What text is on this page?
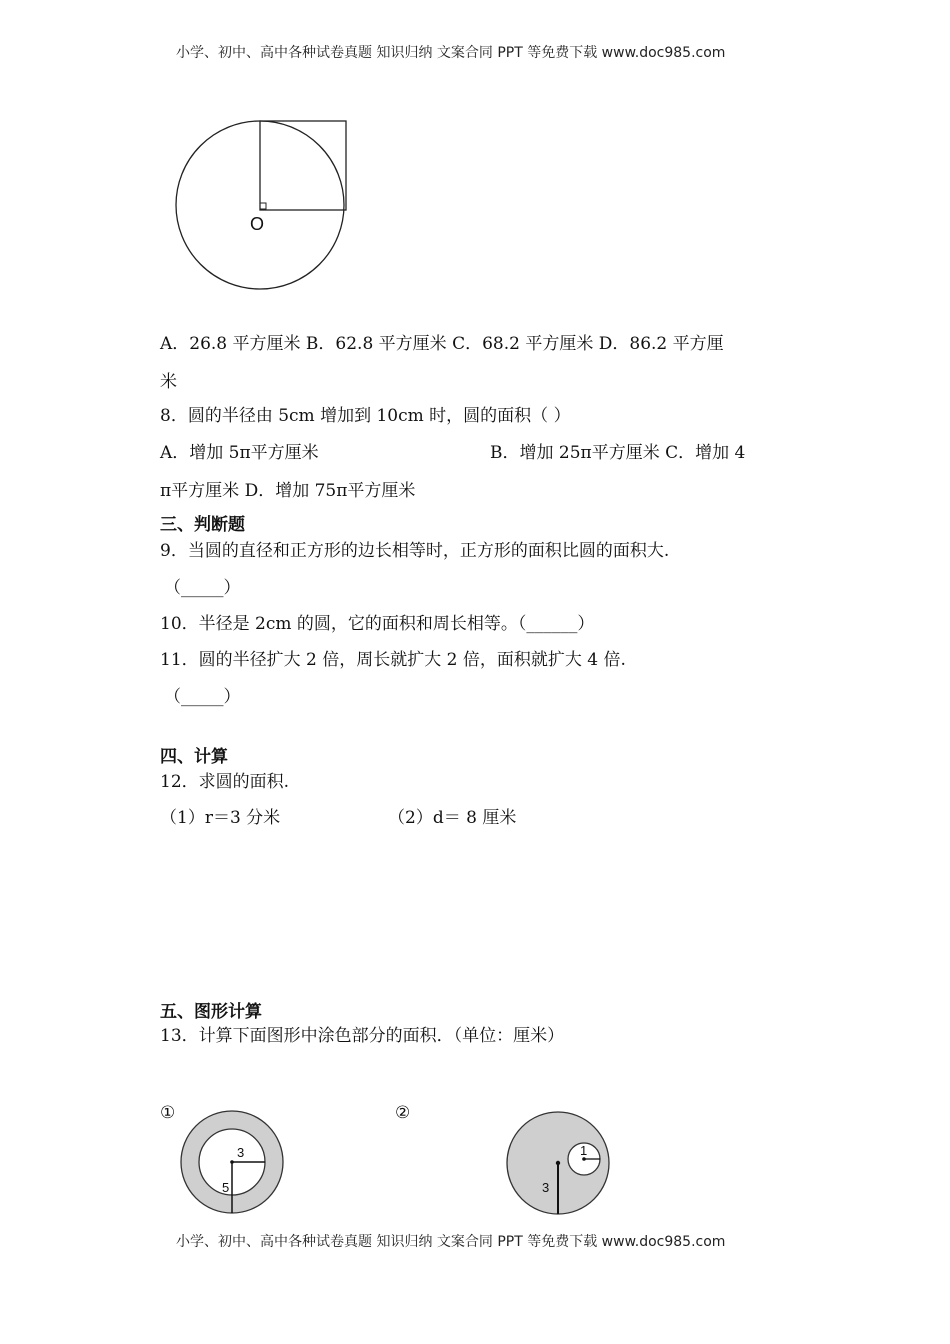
小学、初中、高中各种试卷真题 知识归纳 文案合同 PPT 等免费下载 www.doc985.com
小学、初中、高中各种试卷真题 知识归纳 文案合同 PPT 等免费下载 www.doc985.com
O
A．26.8 平方厘米 B．62.8 平方厘米 C．68.2 平方厘米 D．86.2 平方厘
米
8．圆的半径由 5cm 增加到 10cm 时，圆的面积（ ）
A．增加 5π平方厘米	B．增加 25π平方厘米 C．增加 4
π平方厘米 D．增加 75π平方厘米
三、判断题
9．当圆的直径和正方形的边长相等时，正方形的面积比圆的面积大.
（_____）
10．半径是 2cm 的圆，它的面积和周长相等。（______）
11．圆的半径扩大 2 倍，周长就扩大 2 倍，面积就扩大 4 倍.
（_____）
四、计算
12．求圆的面积.
（1）r＝3 分米	（2）d＝ 8 厘米
五、图形计算
13．计算下面图形中涂色部分的面积．（单位：厘米）
①
3
5
②
1
3
